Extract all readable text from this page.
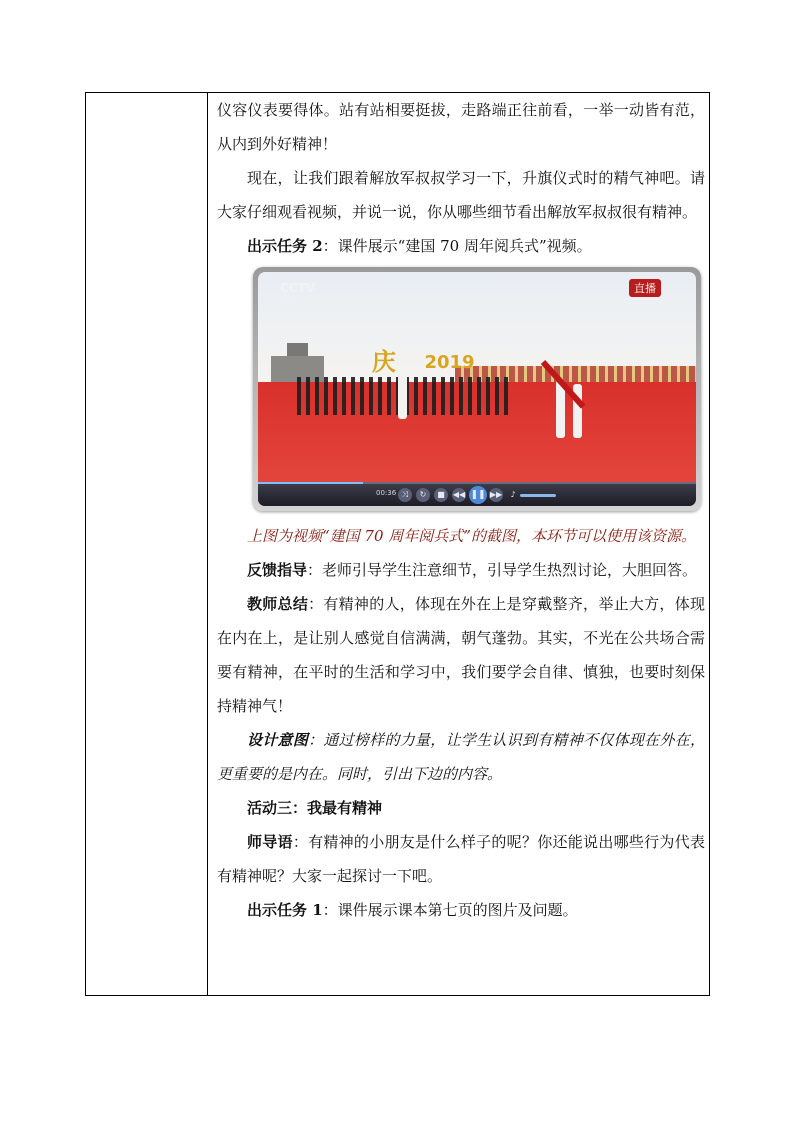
仪容仪表要得体。站有站相要挺拔，走路端正往前看，一举一动皆有范，从内到外好精神！

现在，让我们跟着解放军叔叔学习一下，升旗仪式时的精气神吧。请大家仔细观看视频，并说一说，你从哪些细节看出解放军叔叔很有精神。

出示任务 2：课件展示“建国 70 周年阅兵式”视频。

庆 2019
CCTV
综合
直播
00:36 ⤨	↻	■	◀◀ ❚❚ ▶▶	♪

上图为视频“建国 70 周年阅兵式”的截图，本环节可以使用该资源。

反馈指导：老师引导学生注意细节，引导学生热烈讨论，大胆回答。

教师总结：有精神的人，体现在外在上是穿戴整齐，举止大方，体现在内在上，是让别人感觉自信满满，朝气蓬勃。其实，不光在公共场合需要有精神，在平时的生活和学习中，我们要学会自律、慎独，也要时刻保持精神气！

设计意图：通过榜样的力量，让学生认识到有精神不仅体现在外在，更重要的是内在。同时，引出下边的内容。

活动三：我最有精神

师导语：有精神的小朋友是什么样子的呢？你还能说出哪些行为代表有精神呢？大家一起探讨一下吧。

出示任务 1：课件展示课本第七页的图片及问题。
